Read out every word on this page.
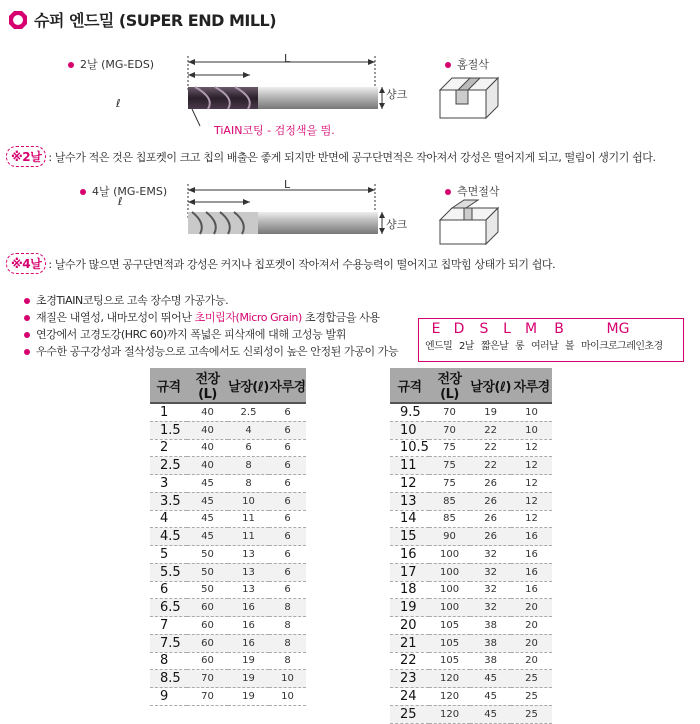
슈퍼 엔드밀 (SUPER END MILL)
2날 (MG-EDS)
ℓ
L
샹크
TiAIN코팅 - 검정색을 띔.
홈절삭
※2날 : 날수가 적은 것은 칩포켓이 크고 칩의 배출은 좋게 되지만 반면에 공구단면적은 작아져서 강성은 떨어지게 되고, 떨림이 생기기 쉽다.
4날 (MG-EMS)
ℓ
L
샹크
측면절삭
※4날 : 날수가 많으면 공구단면적과 강성은 커지나 칩포켓이 작아져서 수용능력이 떨어지고 칩막힘 상태가 되기 쉽다.
초경TiAIN코팅으로 고속 장수명 가공가능.
재질은 내열성, 내마모성이 뛰어난 초미립자(Micro Grain) 초경합금을 사용
연강에서 고경도강(HRC 60)까지 폭넓은 피삭재에 대해 고성능 발휘
우수한 공구강성과 절삭성능으로 고속에서도 신뢰성이 높은 안정된 가공이 가능
E D	S	L	M	B	MG
엔드밀 2날 짧은날 롱 여러날 볼 마이크로그레인초경
규격	전장(L)	날장(ℓ)	자루경
1	40	2.5	6
1.5	40	4	6
2	40	6	6
2.5	40	8	6
3	45	8	6
3.5	45	10	6
4	45	11	6
4.5	45	11	6
5	50	13	6
5.5	50	13	6
6	50	13	6
6.5	60	16	8
7	60	16	8
7.5	60	16	8
8	60	19	8
8.5	70	19	10
9	70	19	10
규격	전장(L)	날장(ℓ)	자루경
9.5	70	19	10
10	70	22	10
10.5	75	22	12
11	75	22	12
12	75	26	12
13	85	26	12
14	85	26	12
15	90	26	16
16	100	32	16
17	100	32	16
18	100	32	16
19	100	32	20
20	105	38	20
21	105	38	20
22	105	38	20
23	120	45	25
24	120	45	25
25	120	45	25
